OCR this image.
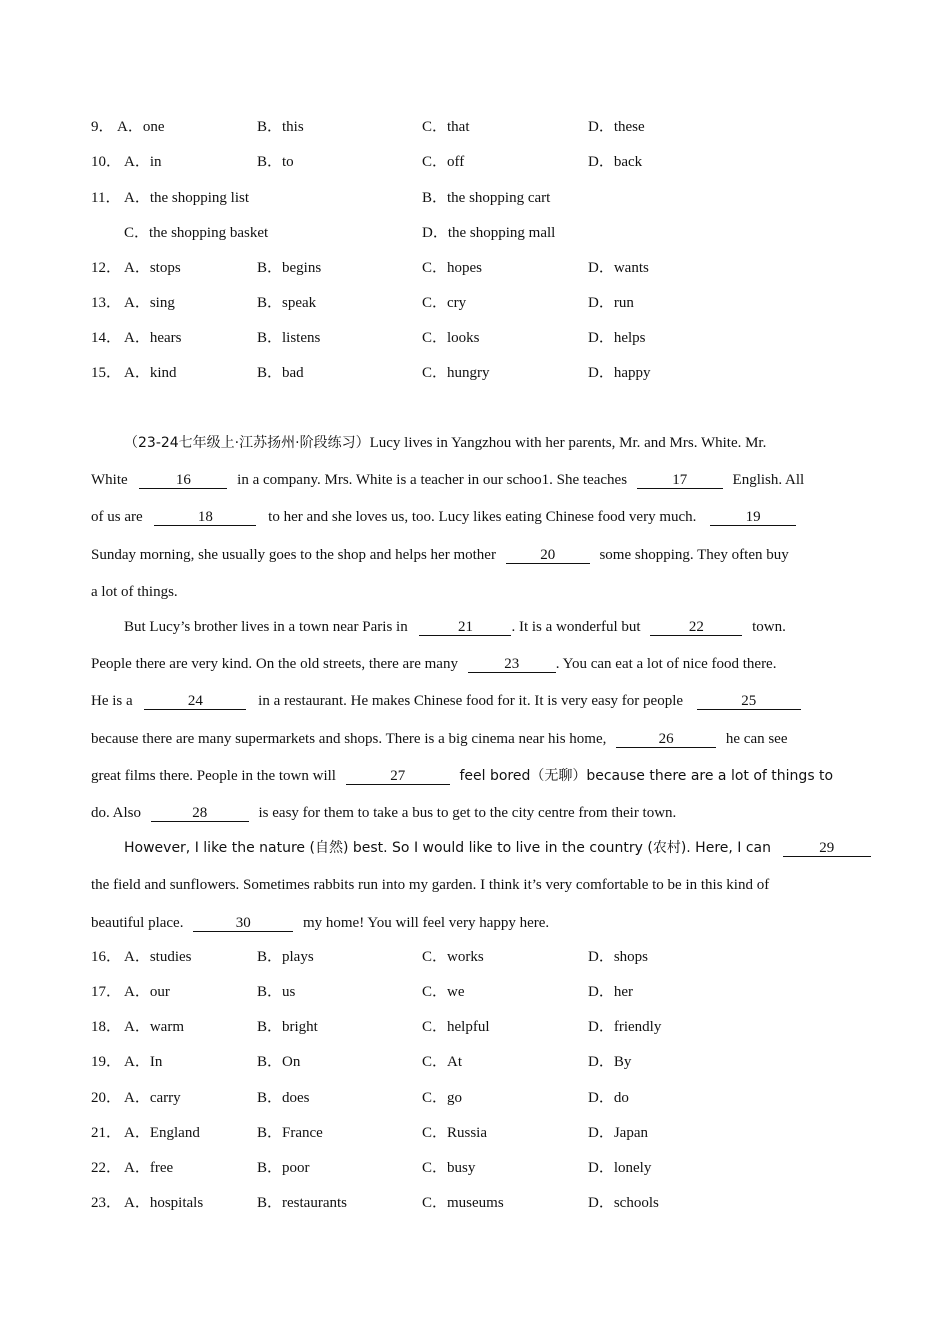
9． A．one	B．this	C．that	D．these
10． A．in	B．to	C．off	D．back
11． A．the shopping list	B．the shopping cart
C．the shopping basket	D．the shopping mall
12． A．stops	B．begins	C．hopes	D．wants
13． A．sing	B．speak	C．cry	D．run
14． A．hears	B．listens	C．looks	D．helps
15． A．kind	B．bad	C．hungry	D．happy
（23-24七年级上·江苏扬州·阶段练习）Lucy lives in Yangzhou with her parents, Mr. and Mrs. White. Mr.
White	16	in a company. Mrs. White is a teacher in our schoo1. She teaches	17	English. All
of us are	18	to her and she loves us, too. Lucy likes eating Chinese food very much.	19
Sunday morning, she usually goes to the shop and helps her mother	20	some shopping. They often buy
a lot of things.
But Lucy’s brother lives in a town near Paris in	21	. It is a wonderful but	22	town.
People there are very kind. On the old streets, there are many	23 . You can eat a lot of nice food there.
He is a	24	in a restaurant. He makes Chinese food for it. It is very easy for people	25
because there are many supermarkets and shops. There is a big cinema near his home,	26	he can see
great films there. People in the town will	27	feel bored（无聊）because there are a lot of things to
do. Also	28	is easy for them to take a bus to get to the city centre from their town.
However, I like the nature (自然) best. So I would like to live in the country (农村). Here, I can	29
the field and sunflowers. Sometimes rabbits run into my garden. I think it’s very comfortable to be in this kind of
beautiful place.	30	my home! You will feel very happy here.
16． A．studies	B．plays	C．works	D．shops
17． A．our	B．us	C．we	D．her
18． A．warm	B．bright	C．helpful	D．friendly
19． A．In	B．On	C．At	D．By
20． A．carry	B．does	C．go	D．do
21． A．England	B．France	C．Russia	D．Japan
22． A．free	B．poor	C．busy	D．lonely
23． A．hospitals	B．restaurants	C．museums	D．schools
